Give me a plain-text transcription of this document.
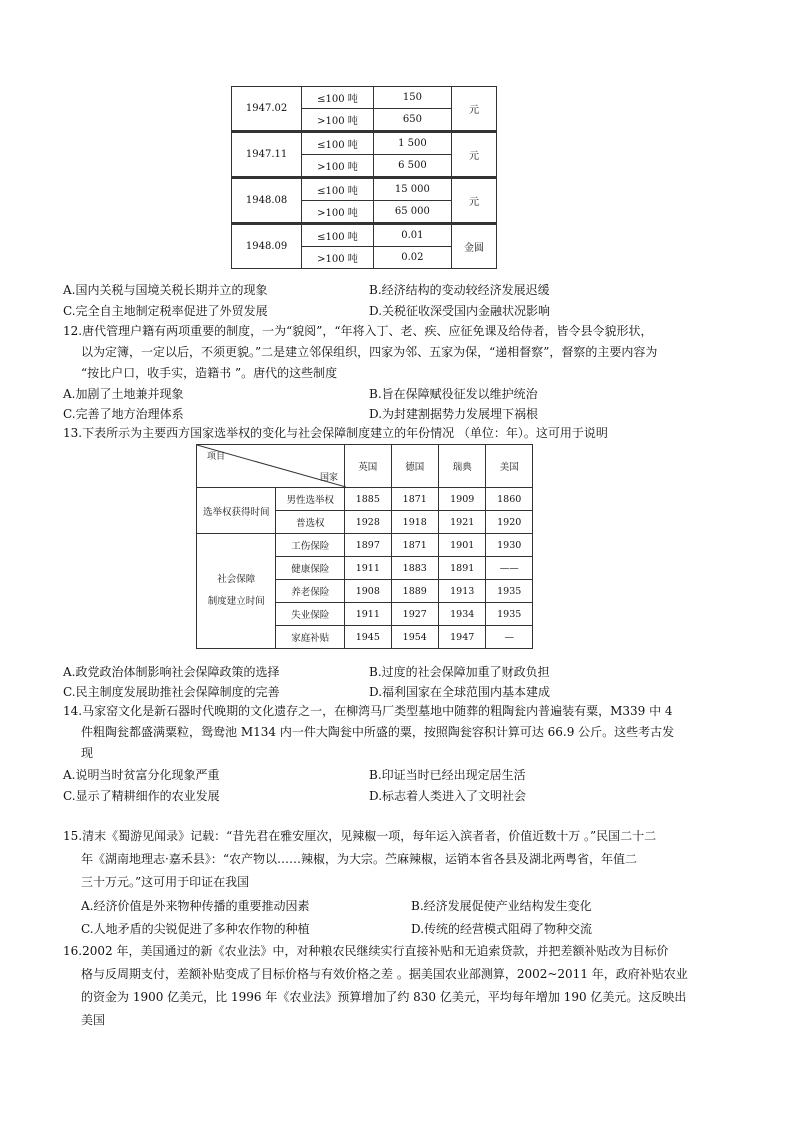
1947.02	≤100 吨	150	元
	>100 吨	650	
1947.11	≤100 吨	1 500	元
	>100 吨	6 500	
1948.08	≤100 吨	15 000	元
	>100 吨	65 000	
1948.09	≤100 吨	0.01	金圆
	>100 吨	0.02	
A.国内关税与国境关税长期并立的现象	B.经济结构的变动较经济发展迟缓
C.完全自主地制定税率促进了外贸发展	D.关税征收深受国内金融状况影响
12.唐代管理户籍有两项重要的制度，一为“貌阅”，“年将入丁、老、疾、应征免课及给侍者，皆令县令貌形状，
以为定簿，一定以后，不须更貌。”二是建立邻保组织，四家为邻、五家为保，“递相督察”，督察的主要内容为
“按比户口，收手实，造籍书 ”。唐代的这些制度
A.加剧了土地兼并现象	B.旨在保障赋役征发以维护统治
C.完善了地方治理体系	D.为封建割据势力发展埋下祸根
13.下表所示为主要西方国家选举权的变化与社会保障制度建立的年份情况 （单位：年）。这可用于说明
项目
国家		英国	德国	瑞典	美国
选举权获得时间	男性选举权	1885	1871	1909	1860
	普选权	1928	1918	1921	1920
社会保障
制度建立时间	工伤保险	1897	1871	1901	1930
	健康保险	1911	1883	1891	——
	养老保险	1908	1889	1913	1935
	失业保险	1911	1927	1934	1935
	家庭补贴	1945	1954	1947	—
A.政党政治体制影响社会保障政策的选择	B.过度的社会保障加重了财政负担
C.民主制度发展助推社会保障制度的完善	D.福利国家在全球范围内基本建成
14.马家窑文化是新石器时代晚期的文化遗存之一，在柳湾马厂类型墓地中随葬的粗陶瓮内普遍装有粟，M339 中 4
件粗陶瓮都盛满粟粒，鸳鸯池 M134 内一件大陶瓮中所盛的粟，按照陶瓮容积计算可达 66.9 公斤。这些考古发
现
A.说明当时贫富分化现象严重	B.印证当时已经出现定居生活
C.显示了精耕细作的农业发展	D.标志着人类进入了文明社会
15.清末《蜀游见闻录》记载：“昔先君在雅安厘次，见辣椒一项，每年运入滨者者，价值近数十万 。”民国二十二
年《湖南地理志·嘉禾县》：“农产物以……辣椒，为大宗。苎麻辣椒，运销本省各县及湖北两粤省，年值二
三十万元。”这可用于印证在我国
A.经济价值是外来物种传播的重要推动因素	B.经济发展促使产业结构发生变化
C.人地矛盾的尖锐促进了多种农作物的种植	D.传统的经营模式阻碍了物种交流
16.2002 年，美国通过的新《农业法》中，对种粮农民继续实行直接补贴和无追索贷款，并把差额补贴改为目标价
格与反周期支付，差额补贴变成了目标价格与有效价格之差 。据美国农业部测算，2002~2011 年，政府补贴农业
的资金为 1900 亿美元，比 1996 年《农业法》预算增加了约 830 亿美元，平均每年增加 190 亿美元。这反映出
美国
